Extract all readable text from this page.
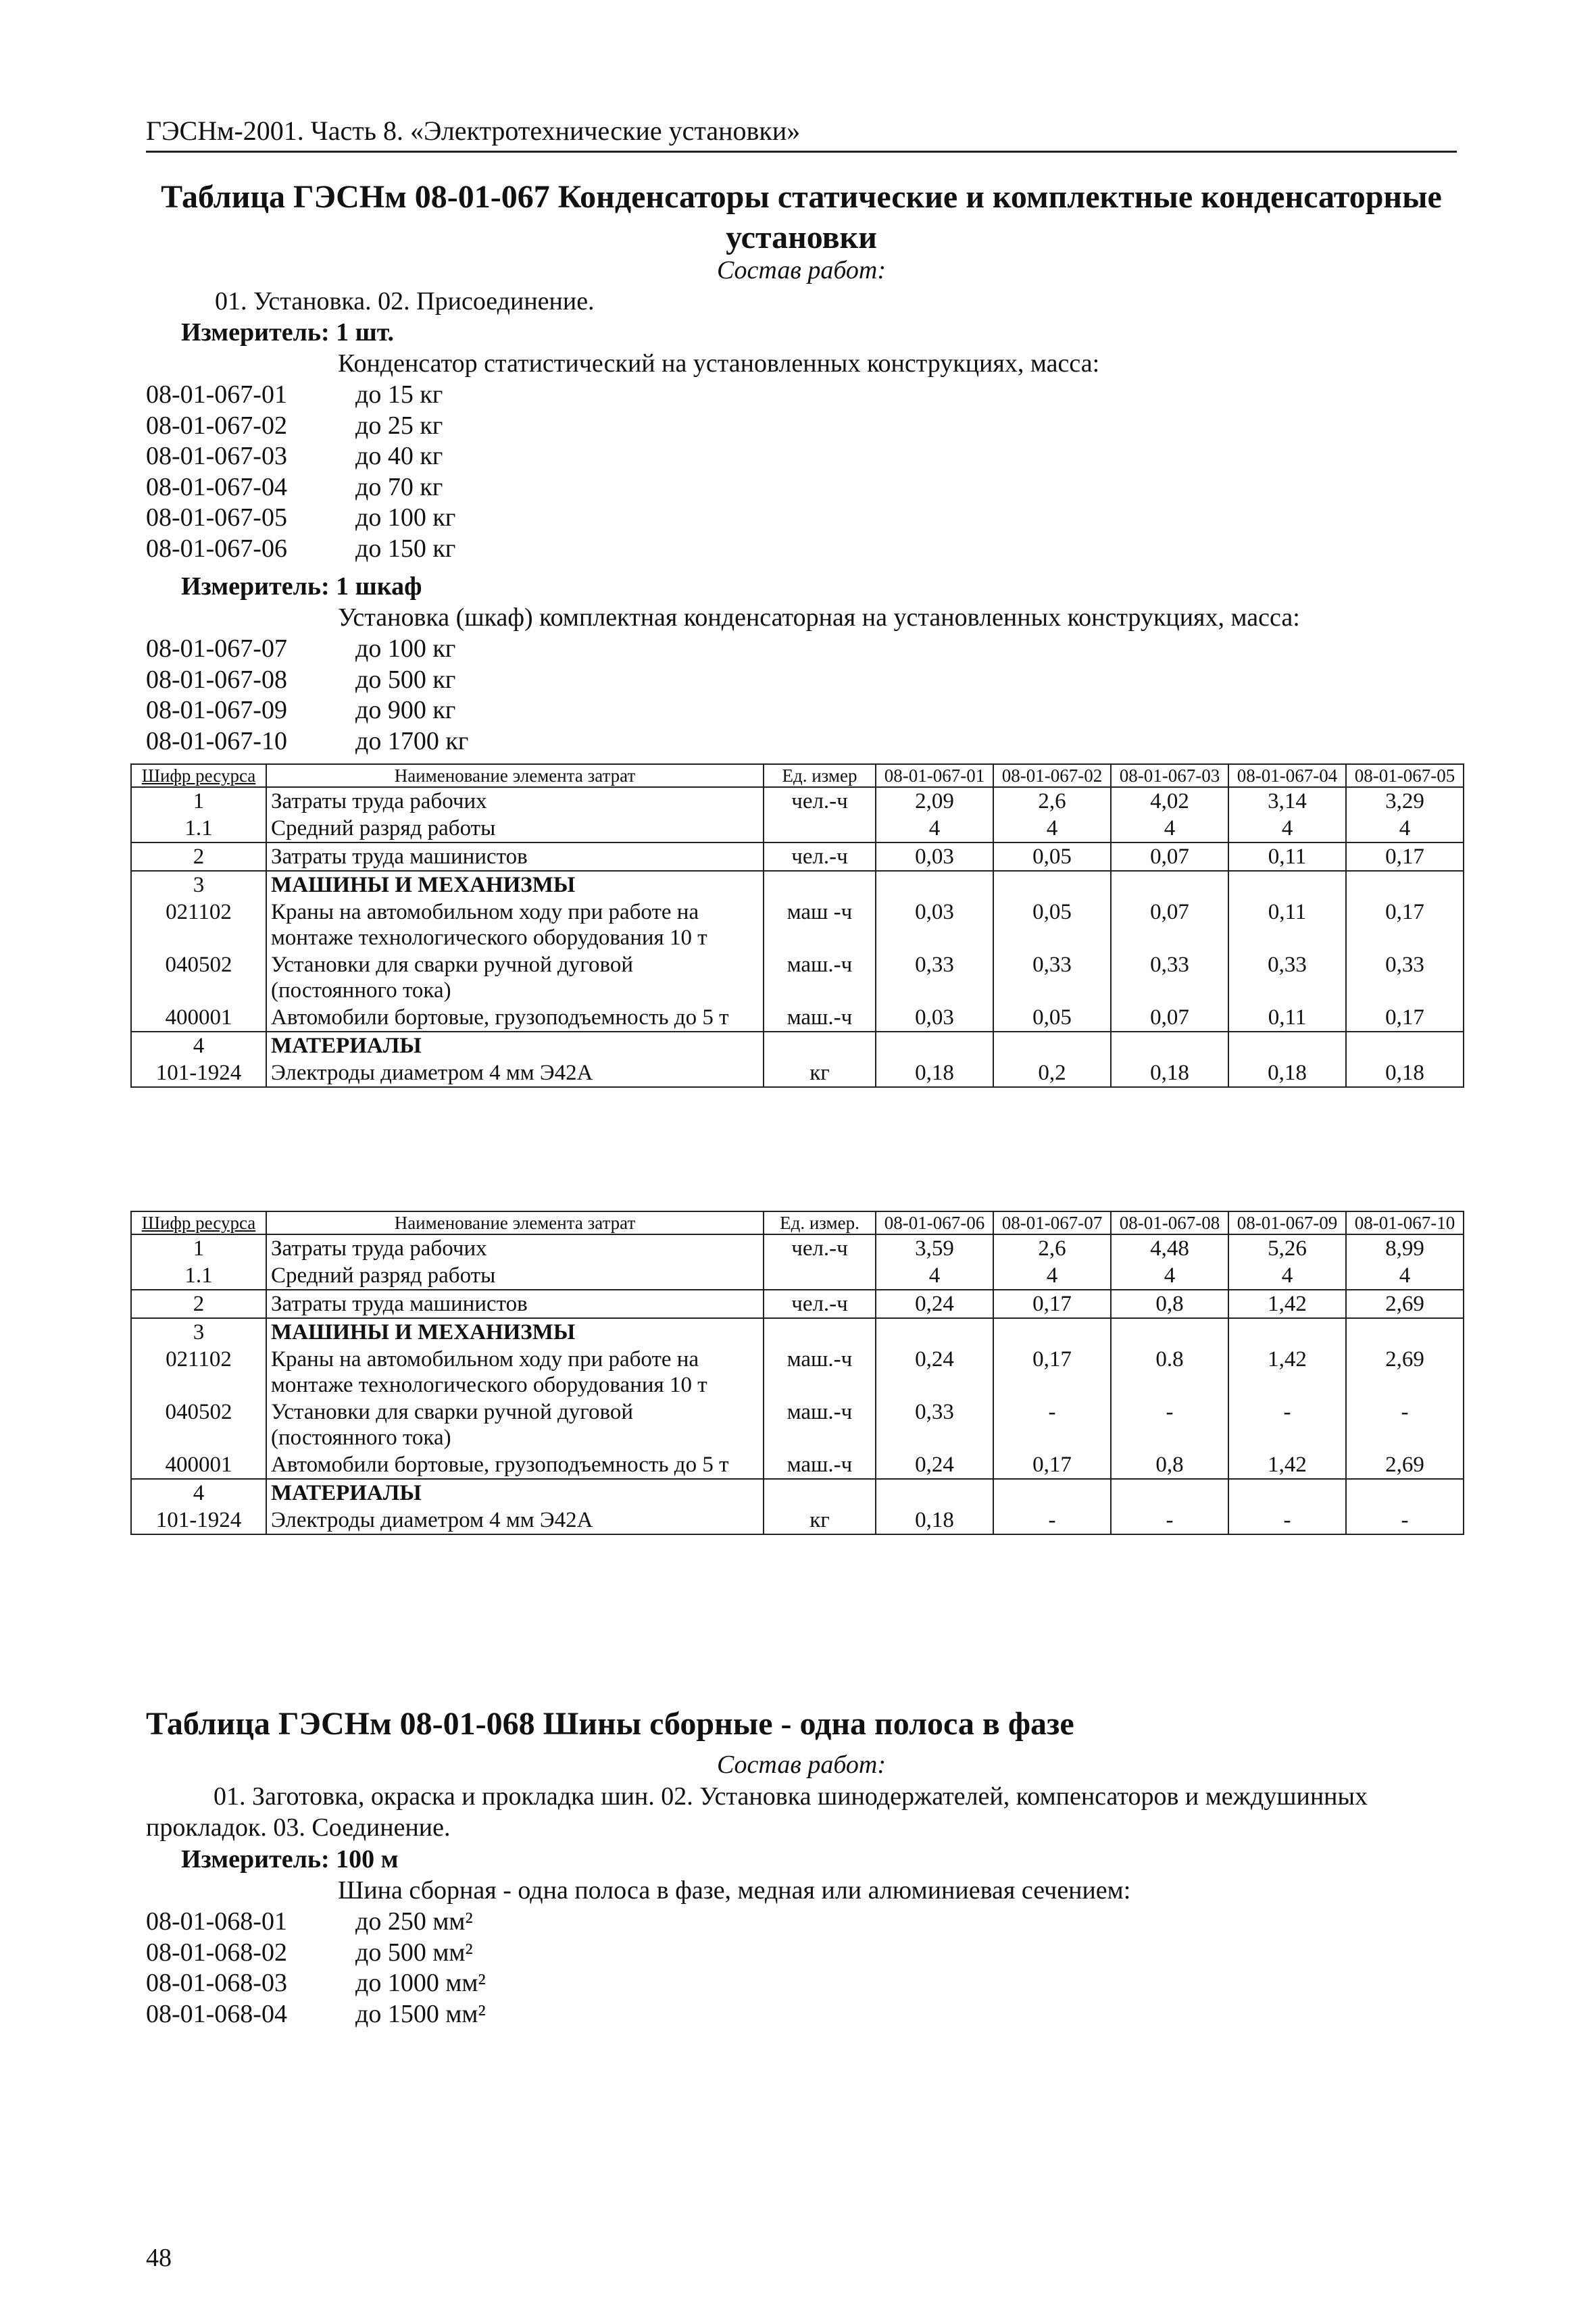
ГЭСНм-2001. Часть 8. «Электротехнические установки»
Таблица ГЭСНм 08-01-067 Конденсаторы статические и комплектные конденсаторные установки
Состав работ:
01. Установка. 02. Присоединение.
Измеритель: 1 шт.
Конденсатор статистический на установленных конструкциях, масса:
08-01-067-01	до 15 кг
08-01-067-02	до 25 кг
08-01-067-03	до 40 кг
08-01-067-04	до 70 кг
08-01-067-05	до 100 кг
08-01-067-06	до 150 кг
Измеритель: 1 шкаф
Установка (шкаф) комплектная конденсаторная на установленных конструкциях, масса:
08-01-067-07	до 100 кг
08-01-067-08	до 500 кг
08-01-067-09	до 900 кг
08-01-067-10	до 1700 кг
Шифр ресурса	Наименование элемента затрат	Ед. измер	08-01-067-01	08-01-067-02	08-01-067-03	08-01-067-04	08-01-067-05
1	Затраты труда рабочих	чел.-ч	2,09	2,6	4,02	3,14	3,29
1.1	Средний разряд работы		4	4	4	4	4
2	Затраты труда машинистов	чел.-ч	0,03	0,05	0,07	0,11	0,17
3	МАШИНЫ И МЕХАНИЗМЫ						
021102	Краны на автомобильном ходу при работе на монтаже технологического оборудования 10 т	маш -ч	0,03	0,05	0,07	0,11	0,17
040502	Установки для сварки ручной дуговой (постоянного тока)	маш.-ч	0,33	0,33	0,33	0,33	0,33
400001	Автомобили бортовые, грузоподъемность до 5 т	маш.-ч	0,03	0,05	0,07	0,11	0,17
4	МАТЕРИАЛЫ						
101-1924	Электроды диаметром 4 мм Э42А	кг	0,18	0,2	0,18	0,18	0,18
Шифр ресурса	Наименование элемента затрат	Ед. измер.	08-01-067-06	08-01-067-07	08-01-067-08	08-01-067-09	08-01-067-10
1	Затраты труда рабочих	чел.-ч	3,59	2,6	4,48	5,26	8,99
1.1	Средний разряд работы		4	4	4	4	4
2	Затраты труда машинистов	чел.-ч	0,24	0,17	0,8	1,42	2,69
3	МАШИНЫ И МЕХАНИЗМЫ						
021102	Краны на автомобильном ходу при работе на монтаже технологического оборудования 10 т	маш.-ч	0,24	0,17	0.8	1,42	2,69
040502	Установки для сварки ручной дуговой (постоянного тока)	маш.-ч	0,33	-	-	-	-
400001	Автомобили бортовые, грузоподъемность до 5 т	маш.-ч	0,24	0,17	0,8	1,42	2,69
4	МАТЕРИАЛЫ						
101-1924	Электроды диаметром 4 мм Э42А	кг	0,18	-	-	-	-
Таблица ГЭСНм 08-01-068 Шины сборные - одна полоса в фазе
Состав работ:
01. Заготовка, окраска и прокладка шин. 02. Установка шинодержателей, компенсаторов и междушинных прокладок. 03. Соединение.
Измеритель: 100 м
Шина сборная - одна полоса в фазе, медная или алюминиевая сечением:
08-01-068-01	до 250 мм²
08-01-068-02	до 500 мм²
08-01-068-03	до 1000 мм²
08-01-068-04	до 1500 мм²
48
